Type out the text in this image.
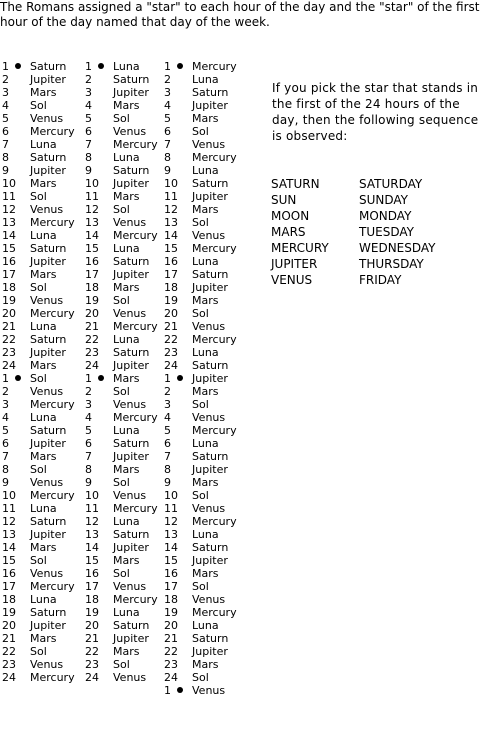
The Romans assigned a "star" to each hour of the day and the "star" of the first hour of the day named that day of the week.
1 Saturn
2 Jupiter
3 Mars
4 Sol
5 Venus
6 Mercury
7 Luna
8 Saturn
9 Jupiter
10 Mars
11 Sol
12 Venus
13 Mercury
14 Luna
15 Saturn
16 Jupiter
17 Mars
18 Sol
19 Venus
20 Mercury
21 Luna
22 Saturn
23 Jupiter
24 Mars
1 Sol
2 Venus
3 Mercury
4 Luna
5 Saturn
6 Jupiter
7 Mars
8 Sol
9 Venus
10 Mercury
11 Luna
12 Saturn
13 Jupiter
14 Mars
15 Sol
16 Venus
17 Mercury
18 Luna
19 Saturn
20 Jupiter
21 Mars
22 Sol
23 Venus
24 Mercury
1 Luna
2 Saturn
3 Jupiter
4 Mars
5 Sol
6 Venus
7 Mercury
8 Luna
9 Saturn
10 Jupiter
11 Mars
12 Sol
13 Venus
14 Mercury
15 Luna
16 Saturn
17 Jupiter
18 Mars
19 Sol
20 Venus
21 Mercury
22 Luna
23 Saturn
24 Jupiter
1 Mars
2 Sol
3 Venus
4 Mercury
5 Luna
6 Saturn
7 Jupiter
8 Mars
9 Sol
10 Venus
11 Mercury
12 Luna
13 Saturn
14 Jupiter
15 Mars
16 Sol
17 Venus
18 Mercury
19 Luna
20 Saturn
21 Jupiter
22 Mars
23 Sol
24 Venus
1 Mercury
2 Luna
3 Saturn
4 Jupiter
5 Mars
6 Sol
7 Venus
8 Mercury
9 Luna
10 Saturn
11 Jupiter
12 Mars
13 Sol
14 Venus
15 Mercury
16 Luna
17 Saturn
18 Jupiter
19 Mars
20 Sol
21 Venus
22 Mercury
23 Luna
24 Saturn
1 Jupiter
2 Mars
3 Sol
4 Venus
5 Mercury
6 Luna
7 Saturn
8 Jupiter
9 Mars
10 Sol
11 Venus
12 Mercury
13 Luna
14 Saturn
15 Jupiter
16 Mars
17 Sol
18 Venus
19 Mercury
20 Luna
21 Saturn
22 Jupiter
23 Mars
24 Sol
1 Venus
If you pick the star that stands in the first of the 24 hours of the day, then the following sequence is observed:
SATURN	SATURDAY
SUN	SUNDAY
MOON	MONDAY
MARS	TUESDAY
MERCURY	WEDNESDAY
JUPITER	THURSDAY
VENUS	FRIDAY
